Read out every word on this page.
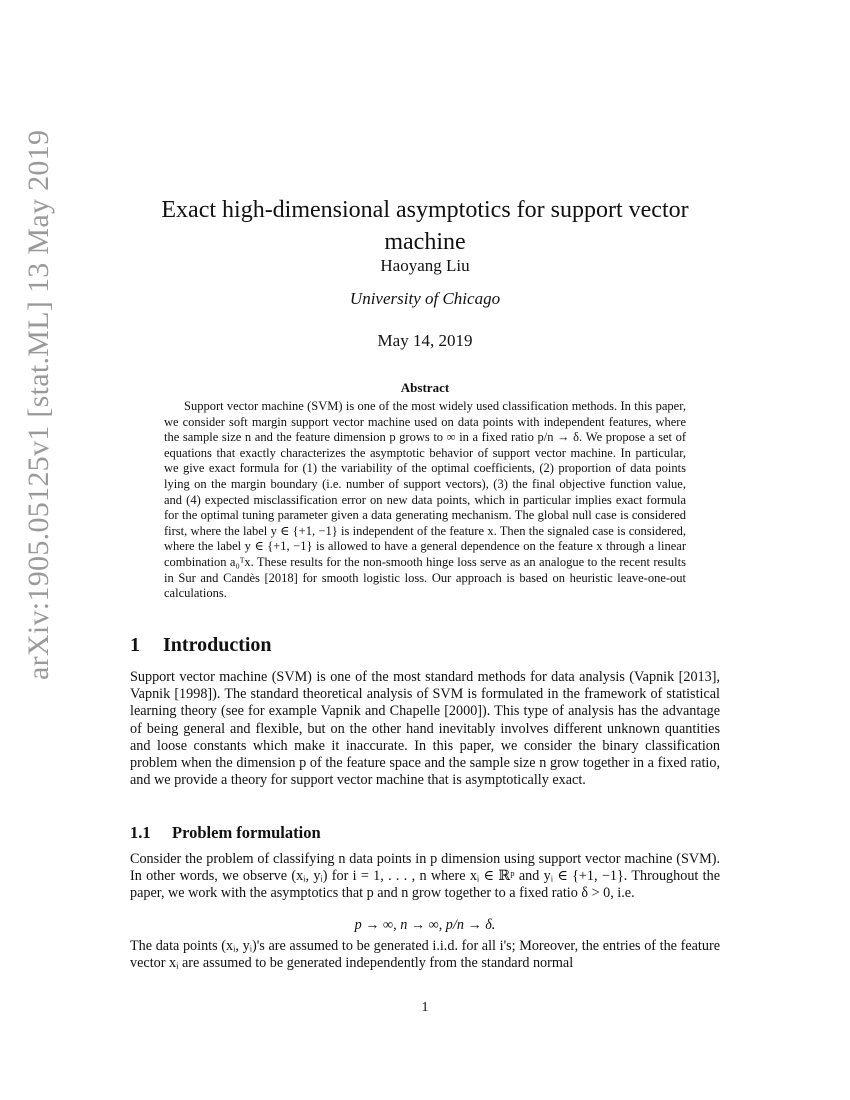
arXiv:1905.05125v1 [stat.ML] 13 May 2019	Exact high-dimensional asymptotics for support vector machine
Haoyang Liu
University of Chicago
May 14, 2019
Abstract

Support vector machine (SVM) is one of the most widely used classification methods. In this paper, we consider soft margin support vector machine used on data points with independent features, where the sample size n and the feature dimension p grows to ∞ in a fixed ratio p/n → δ. We propose a set of equations that exactly characterizes the asymptotic behavior of support vector machine. In particular, we give exact formula for (1) the variability of the optimal coefficients, (2) proportion of data points lying on the margin boundary (i.e. number of support vectors), (3) the final objective function value, and (4) expected misclassification error on new data points, which in particular implies exact formula for the optimal tuning parameter given a data generating mechanism. The global null case is considered first, where the label y ∈ {+1, −1} is independent of the feature x. Then the signaled case is considered, where the label y ∈ {+1, −1} is allowed to have a general dependence on the feature x through a linear combination a₀ᵀx. These results for the non-smooth hinge loss serve as an analogue to the recent results in Sur and Candès [2018] for smooth logistic loss. Our approach is based on heuristic leave-one-out calculations.

1 Introduction

Support vector machine (SVM) is one of the most standard methods for data analysis (Vapnik [2013], Vapnik [1998]). The standard theoretical analysis of SVM is formulated in the framework of statistical learning theory (see for example Vapnik and Chapelle [2000]). This type of analysis has the advantage of being general and flexible, but on the other hand inevitably involves different unknown quantities and loose constants which make it inaccurate. In this paper, we consider the binary classification problem when the dimension p of the feature space and the sample size n grow together in a fixed ratio, and we provide a theory for support vector machine that is asymptotically exact.

1.1 Problem formulation

Consider the problem of classifying n data points in p dimension using support vector machine (SVM). In other words, we observe (xᵢ, yᵢ) for i = 1, . . . , n where xᵢ ∈ ℝᵖ and yᵢ ∈ {+1, −1}. Throughout the paper, we work with the asymptotics that p and n grow together to a fixed ratio δ > 0, i.e.

p → ∞, n → ∞, p/n → δ.

The data points (xᵢ, yᵢ)'s are assumed to be generated i.i.d. for all i's; Moreover, the entries of the feature vector xᵢ are assumed to be generated independently from the standard normal

1
